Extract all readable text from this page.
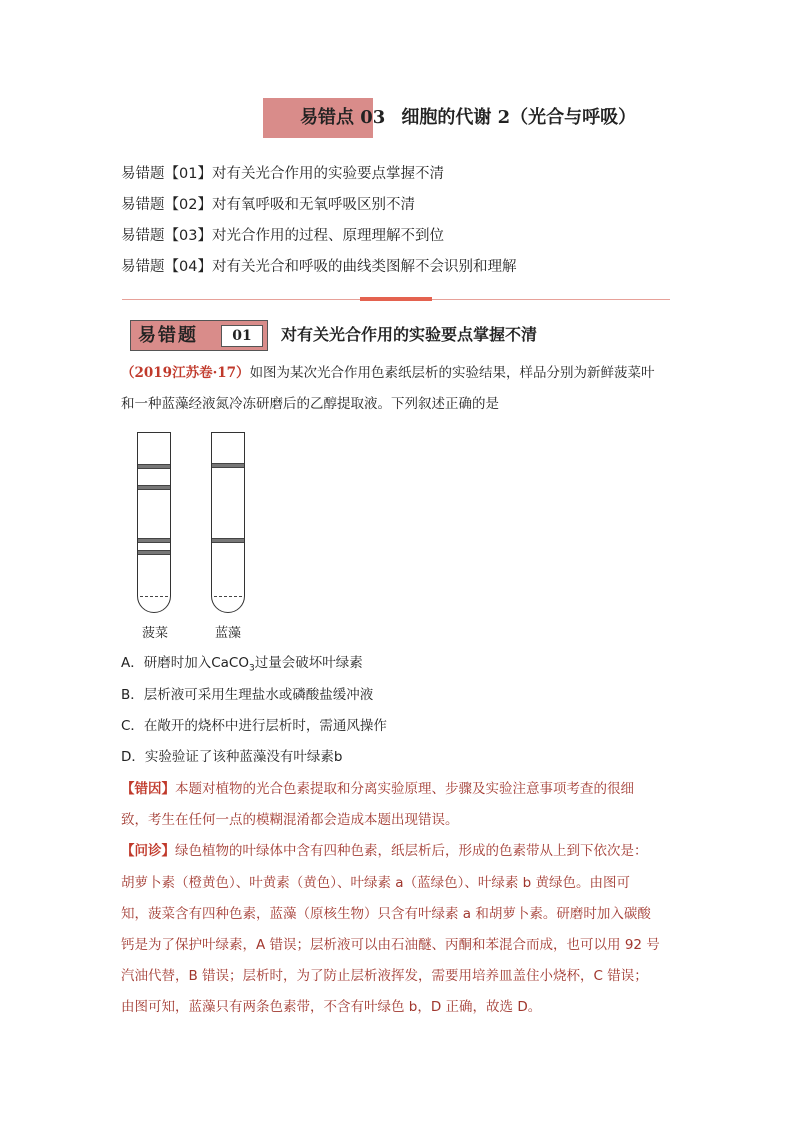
易错点 03 细胞的代谢 2（光合与呼吸）
易错题【01】对有关光合作用的实验要点掌握不清
易错题【02】对有氧呼吸和无氧呼吸区别不清
易错题【03】对光合作用的过程、原理理解不到位
易错题【04】对有关光合和呼吸的曲线类图解不会识别和理解
易错题	01	对有关光合作用的实验要点掌握不清
（2019江苏卷·17）如图为某次光合作用色素纸层析的实验结果，样品分别为新鲜菠菜叶
和一种蓝藻经液氮冷冻研磨后的乙醇提取液。下列叙述正确的是
菠菜	蓝藻
A．研磨时加入CaCO$_3$过量会破坏叶绿素
B．层析液可采用生理盐水或磷酸盐缓冲液
C．在敞开的烧杯中进行层析时，需通风操作
D．实验验证了该种蓝藻没有叶绿素b
【错因】本题对植物的光合色素提取和分离实验原理、步骤及实验注意事项考查的很细
致，考生在任何一点的模糊混淆都会造成本题出现错误。
【问诊】绿色植物的叶绿体中含有四种色素，纸层析后，形成的色素带从上到下依次是：
胡萝卜素（橙黄色）、叶黄素（黄色）、叶绿素 a（蓝绿色）、叶绿素 b 黄绿色。由图可
知，菠菜含有四种色素，蓝藻（原核生物）只含有叶绿素 a 和胡萝卜素。研磨时加入碳酸
钙是为了保护叶绿素，A 错误；层析液可以由石油醚、丙酮和苯混合而成，也可以用 92 号
汽油代替，B 错误；层析时，为了防止层析液挥发，需要用培养皿盖住小烧杯，C 错误；
由图可知，蓝藻只有两条色素带，不含有叶绿色 b，D 正确，故选 D。
